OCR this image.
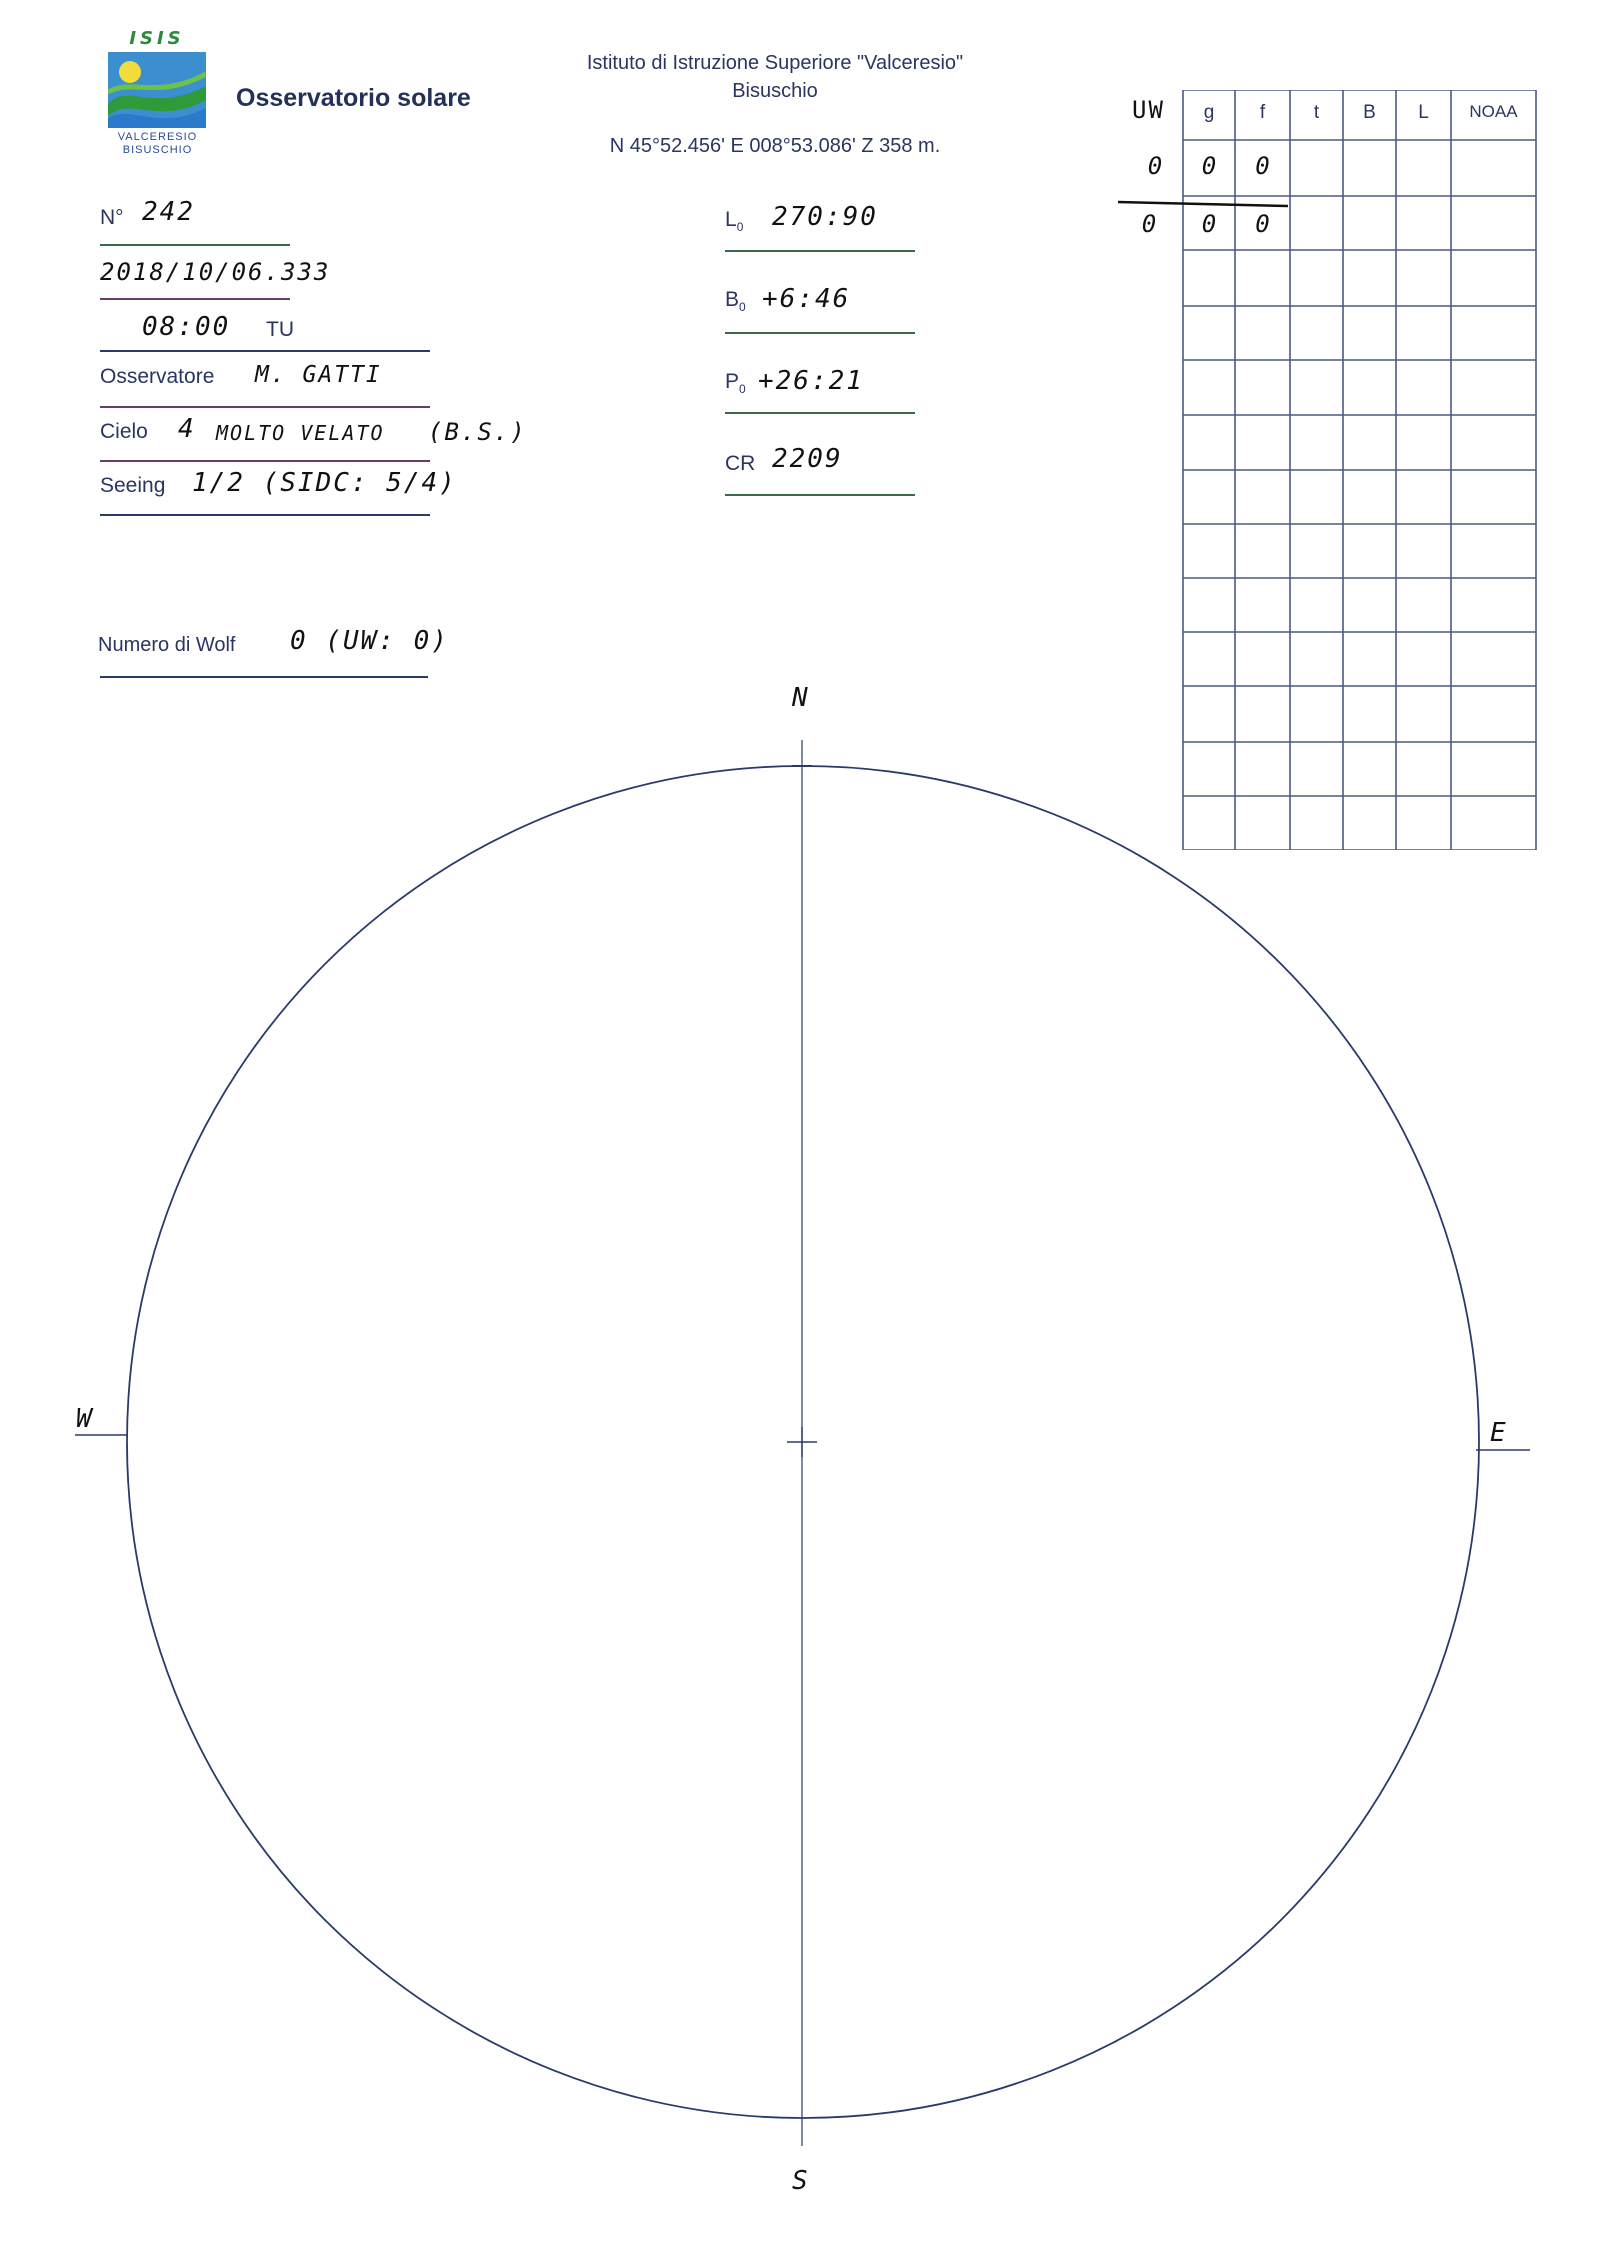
ISIS
VALCERESIO
BISUSCHIO
Osservatorio solare
Istituto di Istruzione Superiore "Valceresio"
Bisuschio
N 45°52.456' E 008°53.086' Z 358 m.
N° 242
2018/10/06.333
08:00 TU
Osservatore M. GATTI
Cielo 4 MOLTO VELATO (B.S.)
Seeing 1/2 (SIDC: 5/4)
Numero di Wolf 0 (UW: 0)
$L_0$ 270:90
$B_0$ +6:46
$P_0$ +26:21
CR 2209
UW	g	f	t	B	L	NOAA
0	0	0
0	0	0
N
S
E
W
